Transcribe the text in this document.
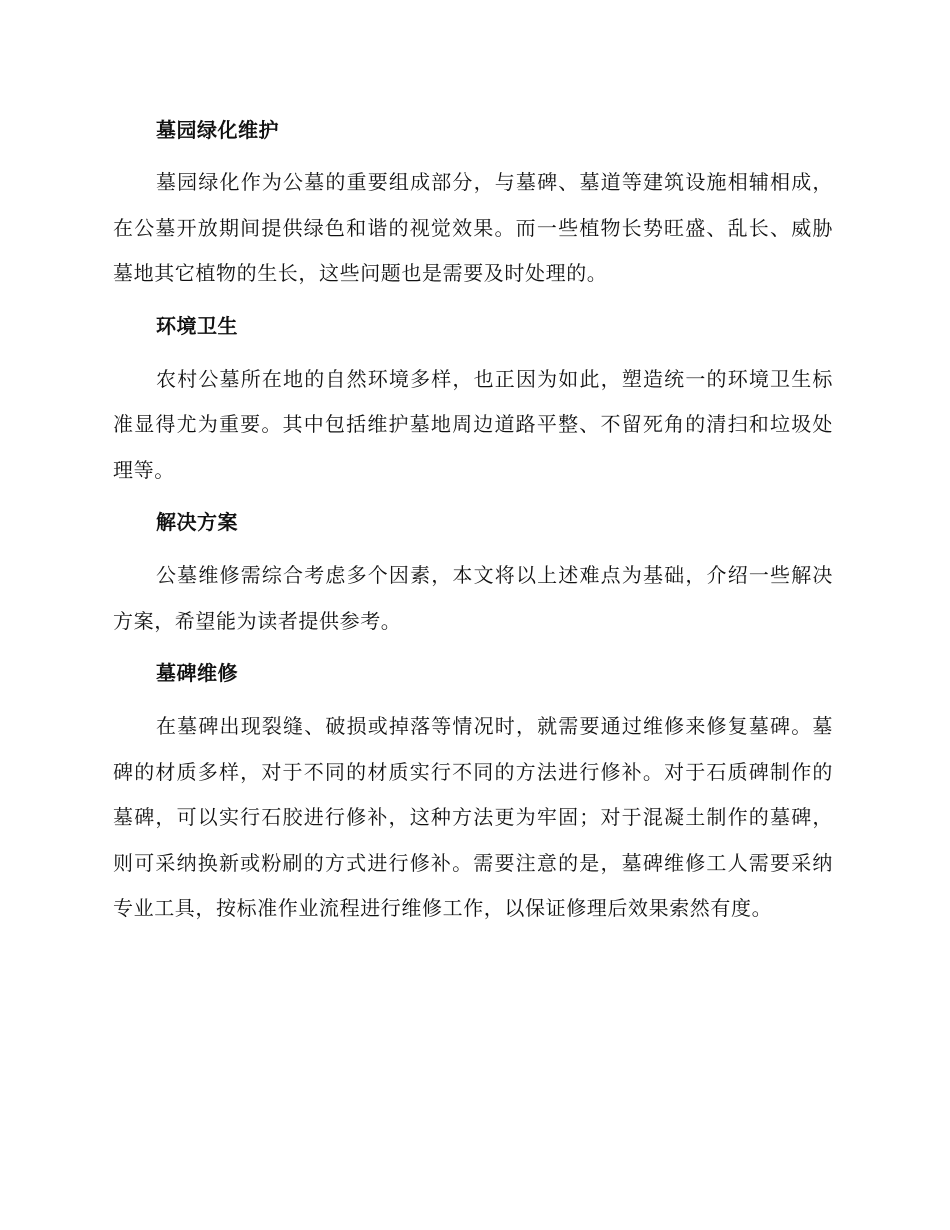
墓园绿化维护

墓园绿化作为公墓的重要组成部分，与墓碑、墓道等建筑设施相辅相成，在公墓开放期间提供绿色和谐的视觉效果。而一些植物长势旺盛、乱长、威胁墓地其它植物的生长，这些问题也是需要及时处理的。

环境卫生

农村公墓所在地的自然环境多样，也正因为如此，塑造统一的环境卫生标准显得尤为重要。其中包括维护墓地周边道路平整、不留死角的清扫和垃圾处理等。

解决方案

公墓维修需综合考虑多个因素，本文将以上述难点为基础，介绍一些解决方案，希望能为读者提供参考。

墓碑维修

在墓碑出现裂缝、破损或掉落等情况时，就需要通过维修来修复墓碑。墓碑的材质多样，对于不同的材质实行不同的方法进行修补。对于石质碑制作的墓碑，可以实行石胶进行修补，这种方法更为牢固；对于混凝土制作的墓碑，则可采纳换新或粉刷的方式进行修补。需要注意的是，墓碑维修工人需要采纳专业工具，按标准作业流程进行维修工作，以保证修理后效果索然有度。
